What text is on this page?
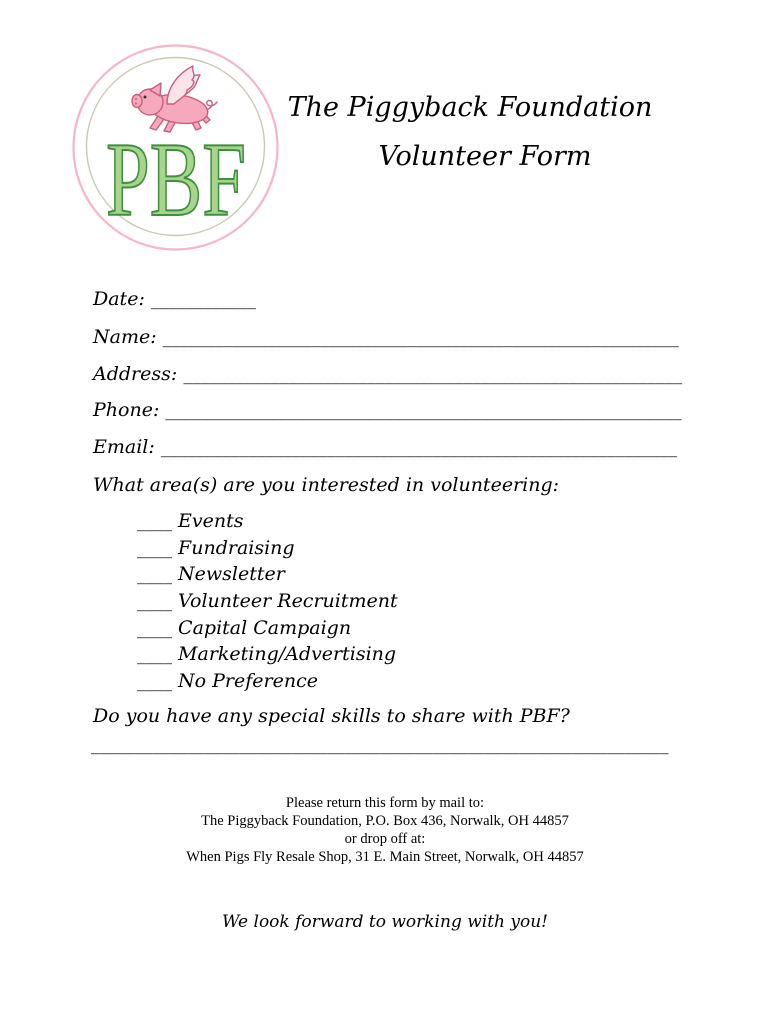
PBF
The Piggyback Foundation
Volunteer Form
Date: ____________
Name: ___________________________________________________________
Address: _________________________________________________________
Phone: ___________________________________________________________
Email: ___________________________________________________________
What area(s) are you interested in volunteering:
____ Events
____ Fundraising
____ Newsletter
____ Volunteer Recruitment
____ Capital Campaign
____ Marketing/Advertising
____ No Preference
Do you have any special skills to share with PBF?
__________________________________________________________________
Please return this form by mail to:
The Piggyback Foundation, P.O. Box 436, Norwalk, OH 44857
or drop off at:
When Pigs Fly Resale Shop, 31 E. Main Street, Norwalk, OH 44857
We look forward to working with you!
